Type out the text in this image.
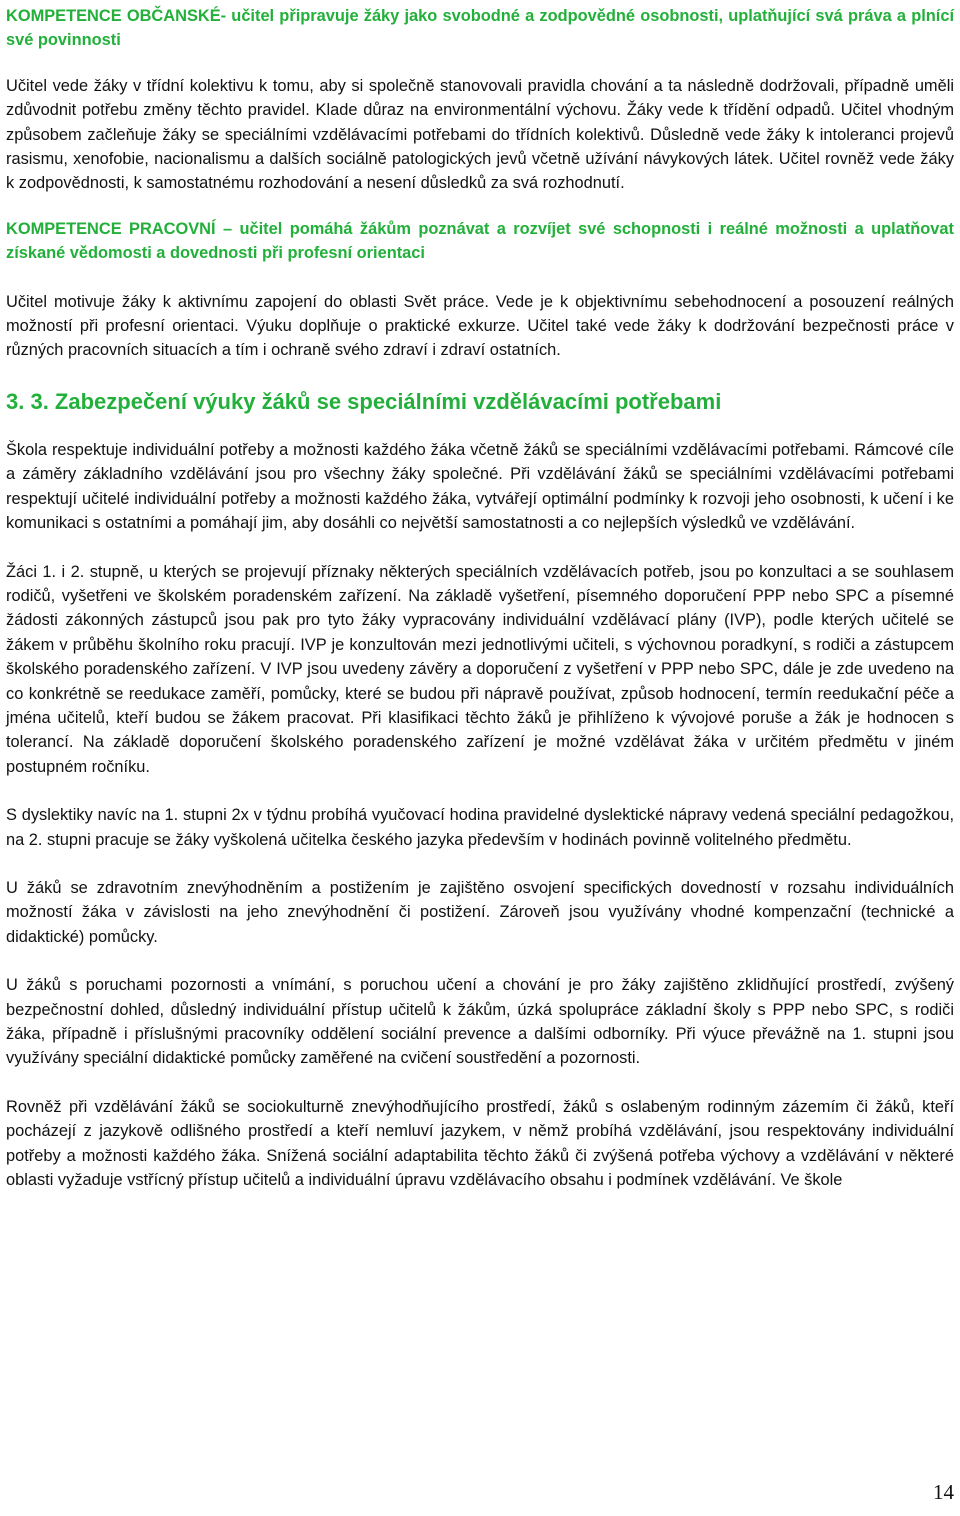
KOMPETENCE OBČANSKÉ- učitel připravuje žáky jako svobodné a zodpovědné osobnosti, uplatňující svá práva a plnící své povinnosti

Učitel vede žáky v třídní kolektivu k tomu, aby si společně stanovovali pravidla chování a ta následně dodržovali, případně uměli zdůvodnit potřebu změny těchto pravidel. Klade důraz na environmentální výchovu. Žáky vede k třídění odpadů. Učitel vhodným způsobem začleňuje žáky se speciálními vzdělávacími potřebami do třídních kolektivů. Důsledně vede žáky k intoleranci projevů rasismu, xenofobie, nacionalismu a dalších sociálně patologických jevů včetně užívání návykových látek. Učitel rovněž vede žáky k zodpovědnosti, k samostatnému rozhodování a nesení důsledků za svá rozhodnutí.

KOMPETENCE PRACOVNÍ – učitel pomáhá žákům poznávat a rozvíjet své schopnosti i reálné možnosti a uplatňovat získané vědomosti a dovednosti při profesní orientaci

Učitel motivuje žáky k aktivnímu zapojení do oblasti Svět práce. Vede je k objektivnímu sebehodnocení a posouzení reálných možností při profesní orientaci. Výuku doplňuje o praktické exkurze. Učitel také vede žáky k dodržování bezpečnosti práce v různých pracovních situacích a tím i ochraně svého zdraví i zdraví ostatních.

3. 3. Zabezpečení výuky žáků se speciálními vzdělávacími potřebami

Škola respektuje individuální potřeby a možnosti každého žáka včetně žáků se speciálními vzdělávacími potřebami. Rámcové cíle a záměry základního vzdělávání jsou pro všechny žáky společné. Při vzdělávání žáků se speciálními vzdělávacími potřebami respektují učitelé individuální potřeby a možnosti každého žáka, vytvářejí optimální podmínky k rozvoji jeho osobnosti, k učení i ke komunikaci s ostatními a pomáhají jim, aby dosáhli co největší samostatnosti a co nejlepších výsledků ve vzdělávání.

Žáci 1. i 2. stupně, u kterých se projevují příznaky některých speciálních vzdělávacích potřeb, jsou po konzultaci a se souhlasem rodičů, vyšetřeni ve školském poradenském zařízení. Na základě vyšetření, písemného doporučení PPP nebo SPC a písemné žádosti zákonných zástupců jsou pak pro tyto žáky vypracovány individuální vzdělávací plány (IVP), podle kterých učitelé se žákem v průběhu školního roku pracují. IVP je konzultován mezi jednotlivými učiteli, s výchovnou poradkyní, s rodiči a zástupcem školského poradenského zařízení. V IVP jsou uvedeny závěry a doporučení z vyšetření v PPP nebo SPC, dále je zde uvedeno na co konkrétně se reedukace zaměří, pomůcky, které se budou při nápravě používat, způsob hodnocení, termín reedukační péče a jména učitelů, kteří budou se žákem pracovat. Při klasifikaci těchto žáků je přihlíženo k vývojové poruše a žák je hodnocen s tolerancí. Na základě doporučení školského poradenského zařízení je možné vzdělávat žáka v určitém předmětu v jiném postupném ročníku.

S dyslektiky navíc na 1. stupni 2x v týdnu probíhá vyučovací hodina pravidelné dyslektické nápravy vedená speciální pedagožkou, na 2. stupni pracuje se žáky vyškolená učitelka českého jazyka především v hodinách povinně volitelného předmětu.

U žáků se zdravotním znevýhodněním a postižením je zajištěno osvojení specifických dovedností v rozsahu individuálních možností žáka v závislosti na jeho znevýhodnění či postižení. Zároveň jsou využívány vhodné kompenzační (technické a didaktické) pomůcky.

U žáků s poruchami pozornosti a vnímání, s poruchou učení a chování je pro žáky zajištěno zklidňující prostředí, zvýšený bezpečnostní dohled, důsledný individuální přístup učitelů k žákům, úzká spolupráce základní školy s PPP nebo SPC, s rodiči žáka, případně i příslušnými pracovníky oddělení sociální prevence a dalšími odborníky. Při výuce převážně na 1. stupni jsou využívány speciální didaktické pomůcky zaměřené na cvičení soustředění a pozornosti.

Rovněž při vzdělávání žáků se sociokulturně znevýhodňujícího prostředí, žáků s oslabeným rodinným zázemím či žáků, kteří pocházejí z jazykově odlišného prostředí a kteří nemluví jazykem, v němž probíhá vzdělávání, jsou respektovány individuální potřeby a možnosti každého žáka. Snížená sociální adaptabilita těchto žáků či zvýšená potřeba výchovy a vzdělávání v některé oblasti vyžaduje vstřícný přístup učitelů a individuální úpravu vzdělávacího obsahu i podmínek vzdělávání. Ve škole

14
